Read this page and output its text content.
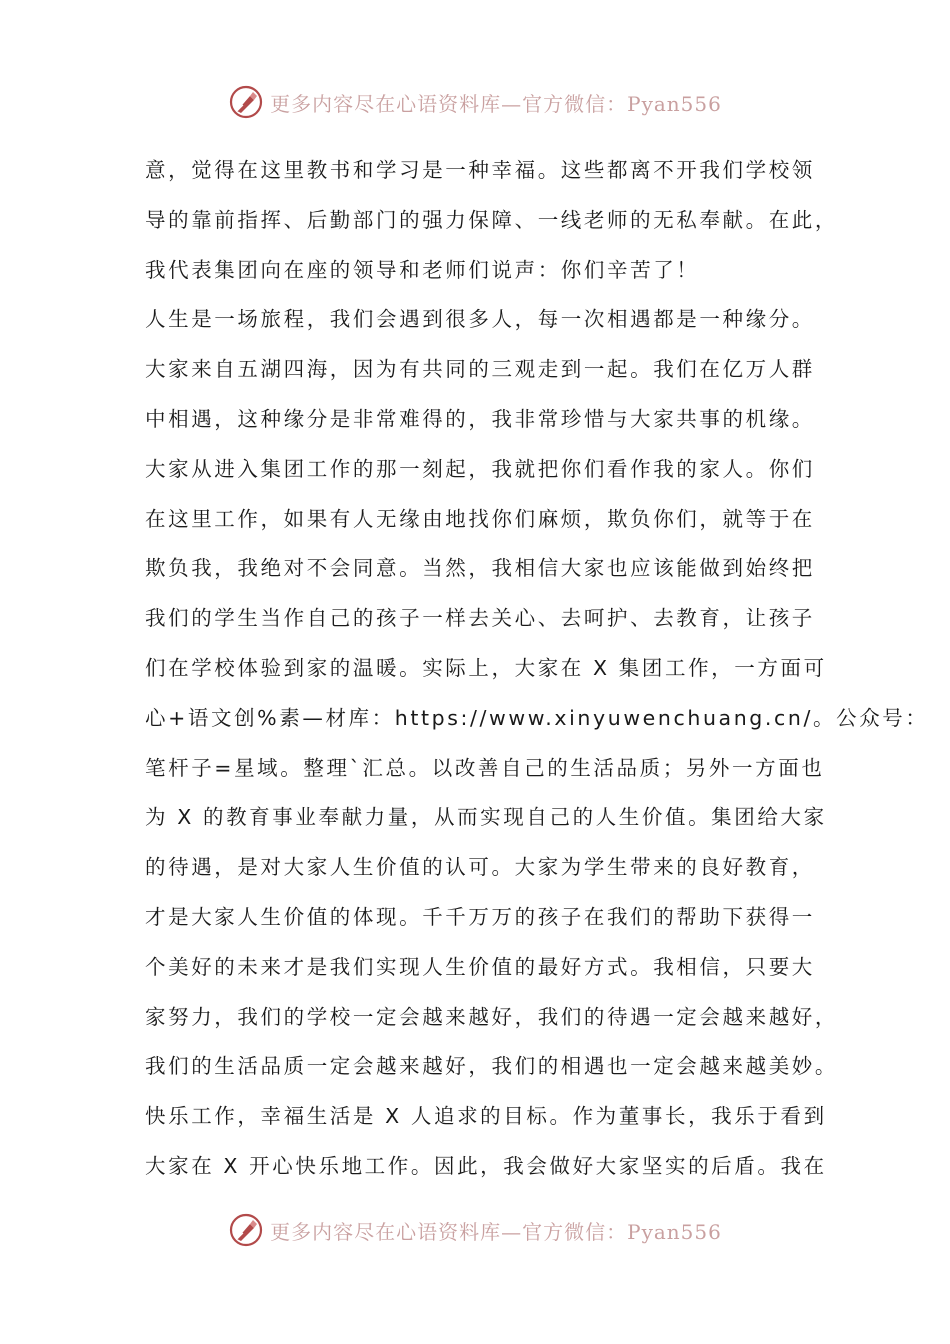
更多内容尽在心语资料库—官方微信：Pyan556
意，觉得在这里教书和学习是一种幸福。这些都离不开我们学校领
导的靠前指挥、后勤部门的强力保障、一线老师的无私奉献。在此，
我代表集团向在座的领导和老师们说声：你们辛苦了！
人生是一场旅程，我们会遇到很多人，每一次相遇都是一种缘分。
大家来自五湖四海，因为有共同的三观走到一起。我们在亿万人群
中相遇，这种缘分是非常难得的，我非常珍惜与大家共事的机缘。
大家从进入集团工作的那一刻起，我就把你们看作我的家人。你们
在这里工作，如果有人无缘由地找你们麻烦，欺负你们，就等于在
欺负我，我绝对不会同意。当然，我相信大家也应该能做到始终把
我们的学生当作自己的孩子一样去关心、去呵护、去教育，让孩子
们在学校体验到家的温暖。实际上，大家在 X 集团工作，一方面可
心+语文创%素—材库：https://www.xinyuwenchuang.cn/。公众号：
笔杆子=星域。整理`汇总。以改善自己的生活品质；另外一方面也
为 X 的教育事业奉献力量，从而实现自己的人生价值。集团给大家
的待遇，是对大家人生价值的认可。大家为学生带来的良好教育，
才是大家人生价值的体现。千千万万的孩子在我们的帮助下获得一
个美好的未来才是我们实现人生价值的最好方式。我相信，只要大
家努力，我们的学校一定会越来越好，我们的待遇一定会越来越好，
我们的生活品质一定会越来越好，我们的相遇也一定会越来越美妙。
快乐工作，幸福生活是 X 人追求的目标。作为董事长，我乐于看到
大家在 X 开心快乐地工作。因此，我会做好大家坚实的后盾。我在
更多内容尽在心语资料库—官方微信：Pyan556
